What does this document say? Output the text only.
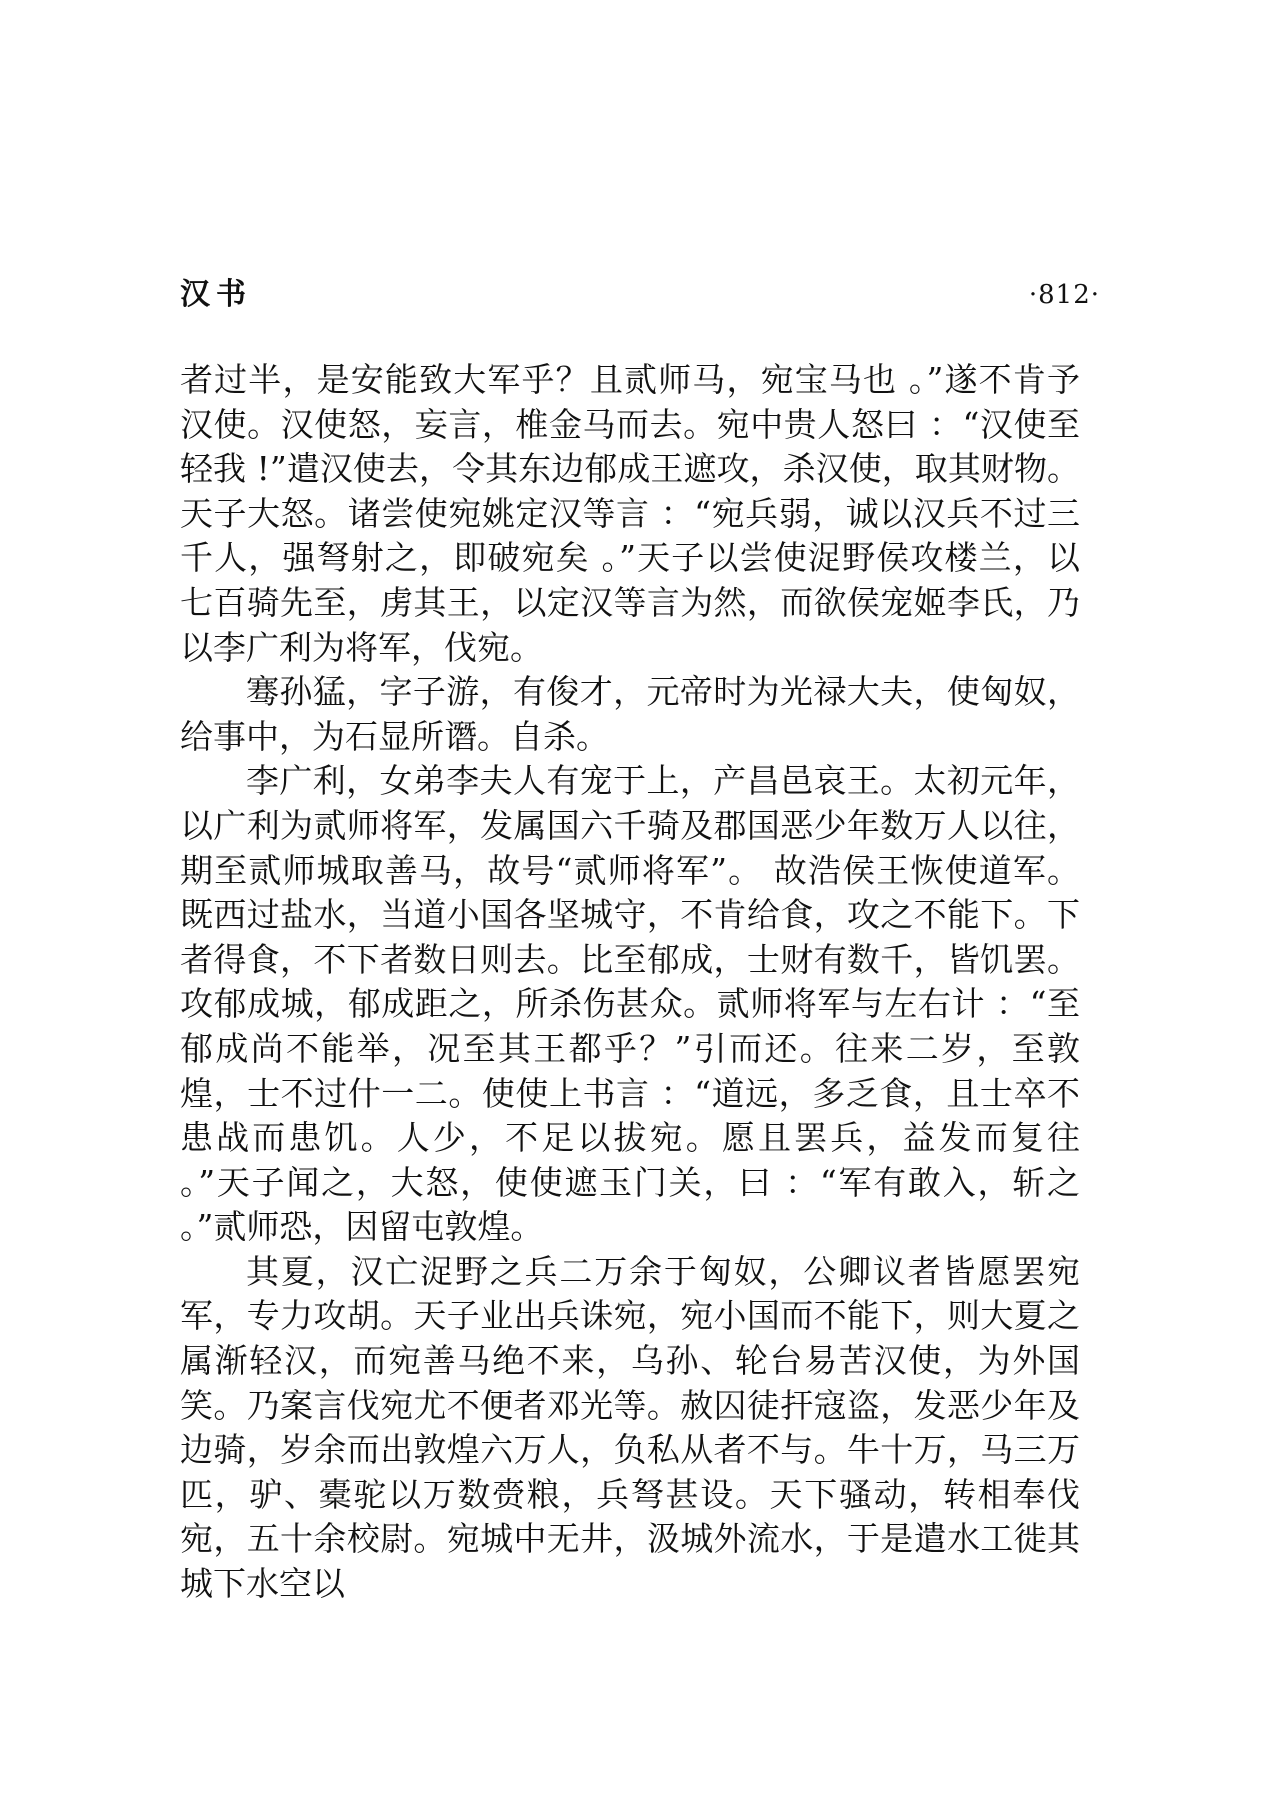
汉书	·812·

者过半，是安能致大军乎？且贰师马，宛宝马也 。”遂不肯予汉使。汉使怒，妄言，椎金马而去。宛中贵人怒曰 ：“汉使至轻我 !”遣汉使去，令其东边郁成王遮攻，杀汉使，取其财物。天子大怒。诸尝使宛姚定汉等言 ：“宛兵弱，诚以汉兵不过三千人，强弩射之，即破宛矣 。”天子以尝使浞野侯攻楼兰，以七百骑先至，虏其王，以定汉等言为然，而欲侯宠姬李氏，乃以李广利为将军，伐宛。

骞孙猛，字子游，有俊才，元帝时为光禄大夫，使匈奴，给事中，为石显所谮。自杀。

李广利，女弟李夫人有宠于上，产昌邑哀王。太初元年，以广利为贰师将军，发属国六千骑及郡国恶少年数万人以往，期至贰师城取善马，故号“贰师将军”。 故浩侯王恢使道军。既西过盐水，当道小国各坚城守，不肯给食，攻之不能下。下者得食，不下者数日则去。比至郁成，士财有数千，皆饥罢。攻郁成城，郁成距之，所杀伤甚众。贰师将军与左右计 ：“至郁成尚不能举，况至其王都乎？”引而还。往来二岁，至敦煌，士不过什一二。使使上书言 ：“道远，多乏食，且士卒不患战而患饥。人少，不足以拔宛。愿且罢兵，益发而复往 。”天子闻之，大怒，使使遮玉门关，曰 ：“军有敢入，斩之 。”贰师恐，因留屯敦煌。

其夏，汉亡浞野之兵二万余于匈奴，公卿议者皆愿罢宛军，专力攻胡。天子业出兵诛宛，宛小国而不能下，则大夏之属渐轻汉，而宛善马绝不来，乌孙、轮台易苦汉使，为外国笑。乃案言伐宛尤不便者邓光等。赦囚徒扞寇盗，发恶少年及边骑，岁余而出敦煌六万人，负私从者不与。牛十万，马三万匹，驴、橐驼以万数赍粮，兵弩甚设。天下骚动，转相奉伐宛，五十余校尉。宛城中无井，汲城外流水，于是遣水工徙其城下水空以
